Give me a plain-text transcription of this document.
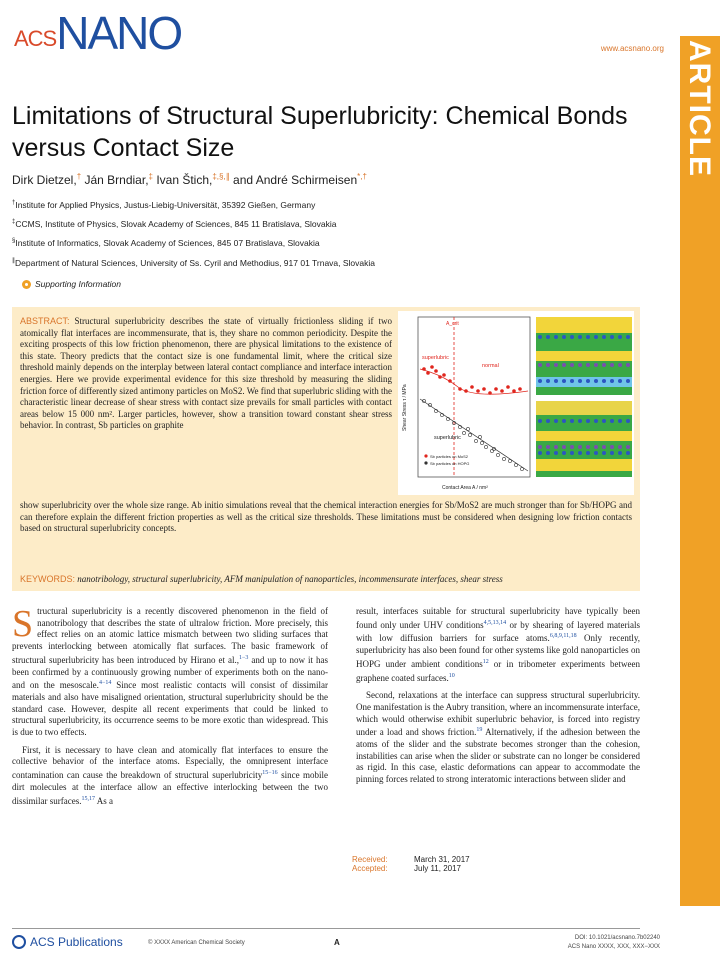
ACS NANO	www.acsnano.org ARTICLE
Limitations of Structural Superlubricity: Chemical Bonds versus Contact Size
Dirk Dietzel,† Ján Brndiar,‡ Ivan Štich,‡,§,∥ and André Schirmeisen*,†
†Institute for Applied Physics, Justus-Liebig-Universität, 35392 Gießen, Germany
‡CCMS, Institute of Physics, Slovak Academy of Sciences, 845 11 Bratislava, Slovakia
§Institute of Informatics, Slovak Academy of Sciences, 845 07 Bratislava, Slovakia
∥Department of Natural Sciences, University of Ss. Cyril and Methodius, 917 01 Trnava, Slovakia
Supporting Information
ABSTRACT: Structural superlubricity describes the state of virtually frictionless sliding if two atomically flat interfaces are incommensurate, that is, they share no common periodicity. Despite the exciting prospects of this low friction phenomenon, there are physical limitations to the existence of this state. Theory predicts that the contact size is one fundamental limit, where the critical size threshold mainly depends on the interplay between lateral contact compliance and interface interaction energies. Here we provide experimental evidence for this size threshold by measuring the sliding friction force of differently sized antimony particles on MoS2. We find that superlubric sliding with the characteristic linear decrease of shear stress with contact size prevails for small particles with contact areas below 15 000 nm². Larger particles, however, show a transition toward constant shear stress behavior. In contrast, Sb particles on graphite
show superlubricity over the whole size range. Ab initio simulations reveal that the chemical interaction energies for Sb/MoS2 are much stronger than for Sb/HOPG and can therefore explain the different friction properties as well as the critical size thresholds. These limitations must be considered when designing low friction contacts based on structural superlubricity concepts.
A_crit
superlubric
normal
superlubric
Sb particles on MoS2
Sb particles on HOPG
Shear Stress τ / MPa
Contact Area A / nm²
KEYWORDS: nanotribology, structural superlubricity, AFM manipulation of nanoparticles, incommensurate interfaces, shear stress

Structural superlubricity is a recently discovered phenomenon in the field of nanotribology that describes the state of ultralow friction. More precisely, this effect relies on an atomic lattice mismatch between two sliding surfaces that prevents interlocking between atomically flat surfaces. The basic framework of structural superlubricity has been introduced by Hirano et al.,$^{1-3}$ and up to now it has been confirmed by a continuously growing number of experiments both on the nano- and on the mesoscale.$^{4-14}$ Since most realistic contacts will consist of dissimilar materials and also have misaligned orientation, structural superlubricity should be the standard case. However, despite all recent experiments that could be linked to structural superlubricity, its occurrence seems to be more exotic than widespread. This is due to two effects.

First, it is necessary to have clean and atomically flat interfaces to ensure the collective behavior of the interface atoms. Especially, the omnipresent interface contamination can cause the breakdown of structural superlubricity$^{15-16}$ since mobile dirt molecules at the interface allow an effective interlocking between the two dissimilar surfaces.$^{15,17}$ As a

result, interfaces suitable for structural superlubricity have typically been found only under UHV conditions$^{4,5,13,14}$ or by shearing of layered materials with low diffusion barriers for surface atoms.$^{6,8,9,11,18}$ Only recently, superlubricity has also been found for other systems like gold nanoparticles on HOPG under ambient conditions$^{12}$ or in tribometer experiments between graphene coated surfaces.$^{10}$

Second, relaxations at the interface can suppress structural superlubricity. One manifestation is the Aubry transition, where an incommensurate interface, which would otherwise exhibit superlubric behavior, is forced into registry under a load and shows friction.$^{19}$ Alternatively, if the adhesion between the atoms of the slider and the substrate becomes stronger than the cohesion, instabilities can arise when the slider or substrate can no longer be considered as rigid. In this case, elastic deformations can appear to accommodate the pinning forces related to strong interatomic interactions between slider and

Received:	March 31, 2017
Accepted:	July 11, 2017
ACS Publications	© XXXX American Chemical Society	A	DOI: 10.1021/acsnano.7b02240
ACS Nano XXXX, XXX, XXX−XXX
